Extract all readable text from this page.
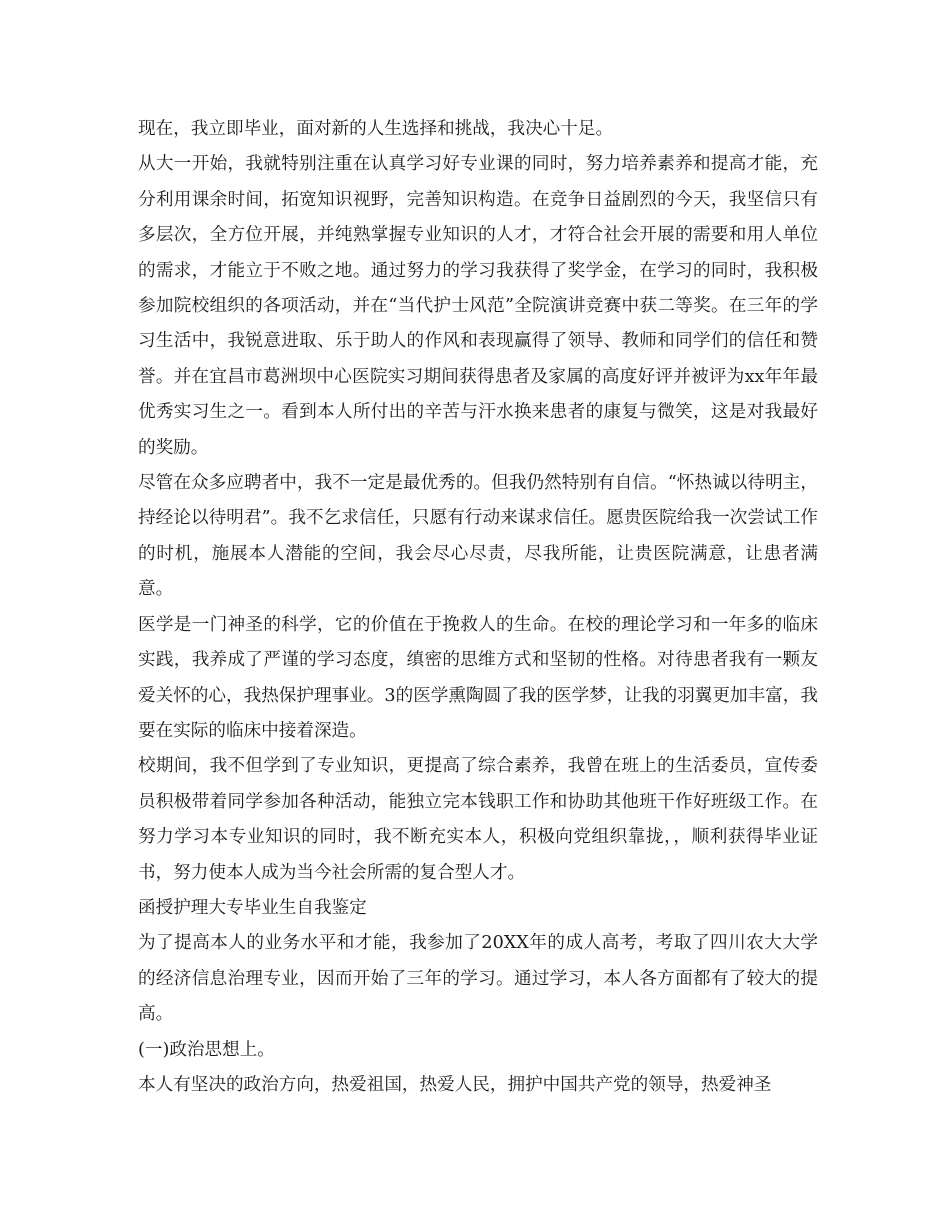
现在，我立即毕业，面对新的人生选择和挑战，我决心十足。

从大一开始，我就特别注重在认真学习好专业课的同时，努力培养素养和提高才能，充分利用课余时间，拓宽知识视野，完善知识构造。在竞争日益剧烈的今天，我坚信只有多层次，全方位开展，并纯熟掌握专业知识的人才，才符合社会开展的需要和用人单位的需求，才能立于不败之地。通过努力的学习我获得了奖学金，在学习的同时，我积极参加院校组织的各项活动，并在“当代护士风范”全院演讲竞赛中获二等奖。在三年的学习生活中，我锐意进取、乐于助人的作风和表现赢得了领导、教师和同学们的信任和赞誉。并在宜昌市葛洲坝中心医院实习期间获得患者及家属的高度好评并被评为xx年年最优秀实习生之一。看到本人所付出的辛苦与汗水换来患者的康复与微笑，这是对我最好的奖励。

尽管在众多应聘者中，我不一定是最优秀的。但我仍然特别有自信。“怀热诚以待明主，持经论以待明君”。我不乞求信任，只愿有行动来谋求信任。愿贵医院给我一次尝试工作的时机，施展本人潜能的空间，我会尽心尽责，尽我所能，让贵医院满意，让患者满意。

医学是一门神圣的科学，它的价值在于挽救人的生命。在校的理论学习和一年多的临床实践，我养成了严谨的学习态度，缜密的思维方式和坚韧的性格。对待患者我有一颗友爱关怀的心，我热保护理事业。3的医学熏陶圆了我的医学梦，让我的羽翼更加丰富，我要在实际的临床中接着深造。

校期间，我不但学到了专业知识，更提高了综合素养，我曾在班上的生活委员，宣传委员积极带着同学参加各种活动，能独立完本钱职工作和协助其他班干作好班级工作。在努力学习本专业知识的同时，我不断充实本人，积极向党组织靠拢，，顺利获得毕业证书，努力使本人成为当今社会所需的复合型人才。

函授护理大专毕业生自我鉴定

为了提高本人的业务水平和才能，我参加了20XX年的成人高考，考取了四川农大大学的经济信息治理专业，因而开始了三年的学习。通过学习，本人各方面都有了较大的提高。

(一)政治思想上。

本人有坚决的政治方向，热爱祖国，热爱人民，拥护中国共产党的领导，热爱神圣
